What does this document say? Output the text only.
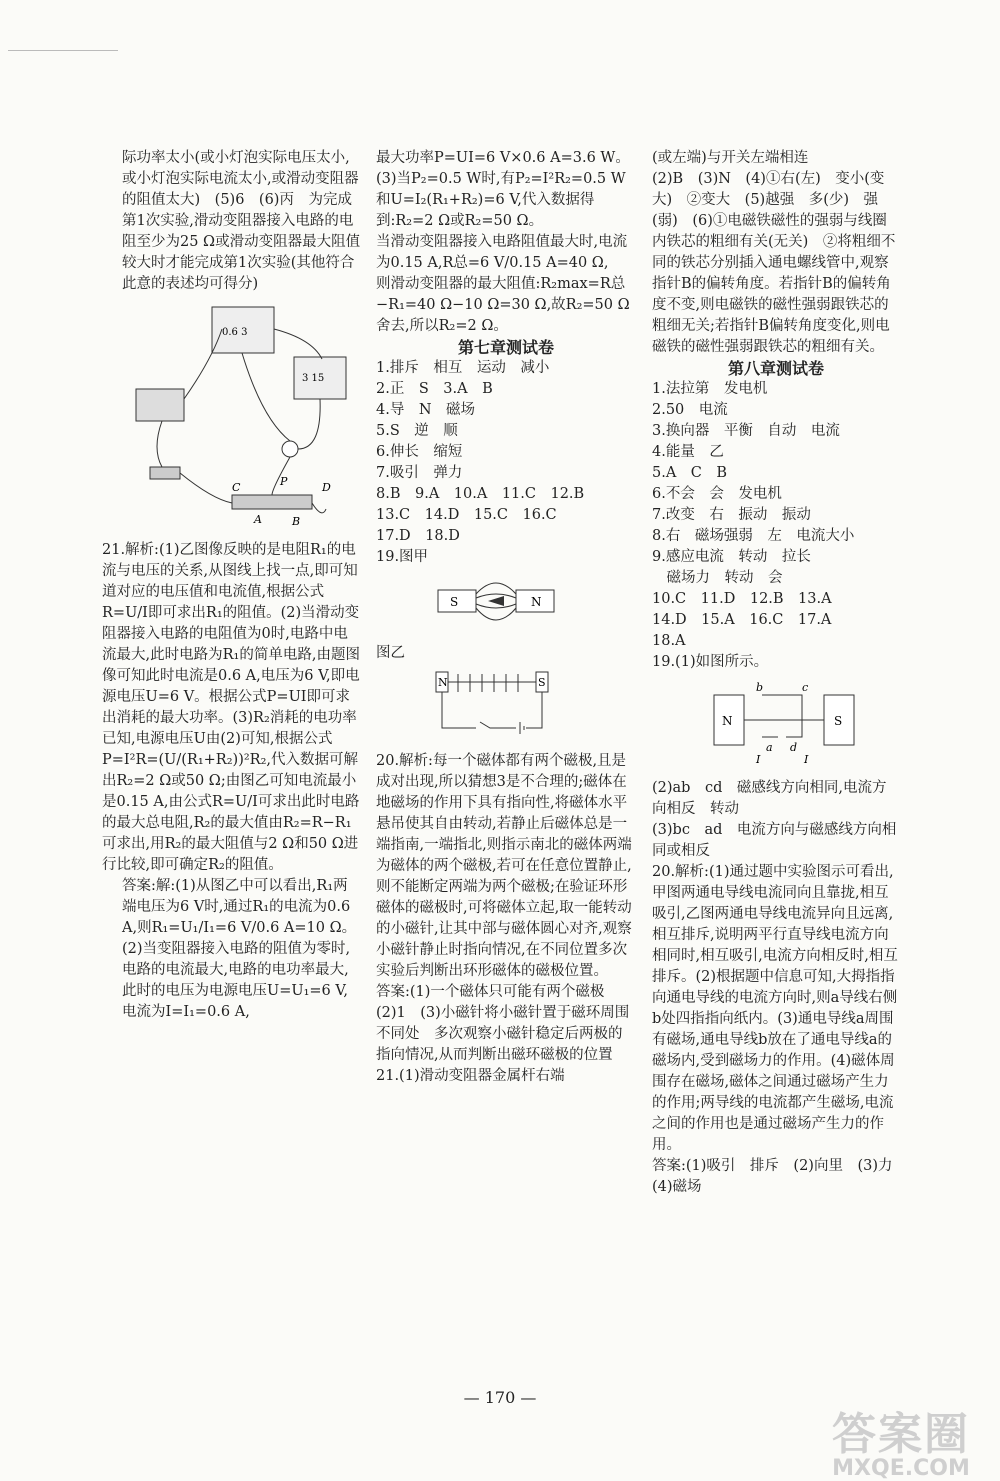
际功率太小(或小灯泡实际电压太小,或小灯泡实际电流太小,或滑动变阻器的阻值太大)　(5)6　(6)丙　为完成第1次实验,滑动变阻器接入电路的电阻至少为25 Ω或滑动变阻器最大阻值较大时才能完成第1次实验(其他符合此意的表述均可得分)

0.6 3
3 15
C	P	D
A	B

21.解析:(1)乙图像反映的是电阻R₁的电流与电压的关系,从图线上找一点,即可知道对应的电压值和电流值,根据公式R=U/I即可求出R₁的阻值。(2)当滑动变阻器接入电路的电阻值为0时,电路中电流最大,此时电路为R₁的简单电路,由题图像可知此时电流是0.6 A,电压为6 V,即电源电压U=6 V。根据公式P=UI即可求出消耗的最大功率。(3)R₂消耗的电功率已知,电源电压U由(2)可知,根据公式P=I²R=(U/(R₁+R₂))²R₂,代入数据可解出R₂=2 Ω或50 Ω;由图乙可知电流最小是0.15 A,由公式R=U/I可求出此时电路的最大总电阻,R₂的最大值由R₂=R−R₁可求出,用R₂的最大阻值与2 Ω和50 Ω进行比较,即可确定R₂的阻值。

答案:解:(1)从图乙中可以看出,R₁两端电压为6 V时,通过R₁的电流为0.6 A,则R₁=U₁/I₁=6 V/0.6 A=10 Ω。

(2)当变阻器接入电路的阻值为零时,电路的电流最大,电路的电功率最大,此时的电压为电源电压U=U₁=6 V,电流为I=I₁=0.6 A,

最大功率P=UI=6 V×0.6 A=3.6 W。

(3)当P₂=0.5 W时,有P₂=I²R₂=0.5 W和U=I₂(R₁+R₂)=6 V,代入数据得到:R₂=2 Ω或R₂=50 Ω。

当滑动变阻器接入电路阻值最大时,电流为0.15 A,R总=6 V/0.15 A=40 Ω,

则滑动变阻器的最大阻值:R₂max=R总−R₁=40 Ω−10 Ω=30 Ω,故R₂=50 Ω舍去,所以R₂=2 Ω。

第七章测试卷

1.排斥　相互　运动　减小

2.正　S　3.A　B

4.导　N　磁场

5.S　逆　顺

6.伸长　缩短

7.吸引　弹力

8.B　9.A　10.A　11.C　12.B

13.C　14.D　15.C　16.C

17.D　18.D

19.图甲

S	N

图乙

N	S

20.解析:每一个磁体都有两个磁极,且是成对出现,所以猜想3是不合理的;磁体在地磁场的作用下具有指向性,将磁体水平悬吊使其自由转动,若静止后磁体总是一端指南,一端指北,则指示南北的磁体两端为磁体的两个磁极,若可在任意位置静止,则不能断定两端为两个磁极;在验证环形磁体的磁极时,可将磁体立起,取一能转动的小磁针,让其中部与磁体圆心对齐,观察小磁针静止时指向情况,在不同位置多次实验后判断出环形磁体的磁极位置。

答案:(1)一个磁体只可能有两个磁极　(2)1　(3)小磁针将小磁针置于磁环周围不同处　多次观察小磁针稳定后两极的指向情况,从而判断出磁环磁极的位置

21.(1)滑动变阻器金属杆右端

(或左端)与开关左端相连

(2)B　(3)N　(4)①右(左)　变小(变大)　②变大　(5)越强　多(少)　强(弱)　(6)①电磁铁磁性的强弱与线圈内铁芯的粗细有关(无关)　②将粗细不同的铁芯分别插入通电螺线管中,观察指针B的偏转角度。若指针B的偏转角度不变,则电磁铁的磁性强弱跟铁芯的粗细无关;若指针B偏转角度变化,则电磁铁的磁性强弱跟铁芯的粗细有关。

第八章测试卷

1.法拉第　发电机

2.50　电流

3.换向器　平衡　自动　电流

4.能量　乙

5.A　C　B

6.不会　会　发电机

7.改变　右　振动　振动

8.右　磁场强弱　左　电流大小

9.感应电流　转动　拉长

　磁场力　转动　会

10.C　11.D　12.B　13.A

14.D　15.A　16.C　17.A

18.A

19.(1)如图所示。

N	S
b	c
a d
I	I

(2)ab　cd　磁感线方向相同,电流方向相反　转动

(3)bc　ad　电流方向与磁感线方向相同或相反

20.解析:(1)通过题中实验图示可看出,甲图两通电导线电流同向且靠拢,相互吸引,乙图两通电导线电流异向且远离,相互排斥,说明两平行直导线电流方向相同时,相互吸引,电流方向相反时,相互排斥。(2)根据题中信息可知,大拇指指向通电导线的电流方向时,则a导线右侧b处四指指向纸内。(3)通电导线a周围有磁场,通电导线b放在了通电导线a的磁场内,受到磁场力的作用。(4)磁体周围存在磁场,磁体之间通过磁场产生力的作用;两导线的电流都产生磁场,电流之间的作用也是通过磁场产生力的作用。

答案:(1)吸引　排斥　(2)向里　(3)力　(4)磁场

— 170 —
答案圈
MXQE.COM
